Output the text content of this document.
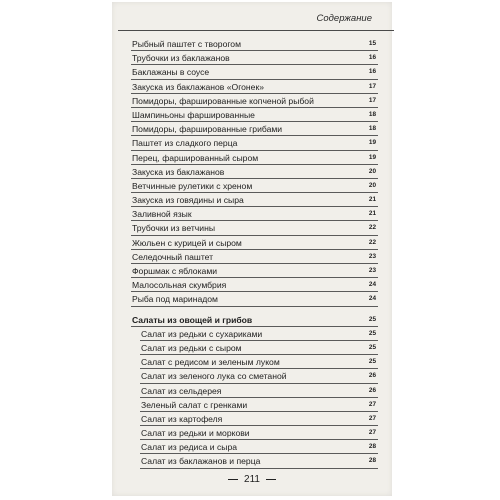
Содержание
Рыбный паштет с творогом	15
Трубочки из баклажанов	16
Баклажаны в соусе	16
Закуска из баклажанов «Огонек»	17
Помидоры, фаршированные копченой рыбой	17
Шампиньоны фаршированные	18
Помидоры, фаршированные грибами	18
Паштет из сладкого перца	19
Перец, фаршированный сыром	19
Закуска из баклажанов	20
Ветчинные рулетики с хреном	20
Закуска из говядины и сыра	21
Заливной язык	21
Трубочки из ветчины	22
Жюльен с курицей и сыром	22
Селедочный паштет	23
Форшмак с яблоками	23
Малосольная скумбрия	24
Рыба под маринадом	24
Салаты из овощей и грибов	25
Салат из редьки с сухариками	25
Салат из редьки с сыром	25
Салат с редисом и зеленым луком	25
Салат из зеленого лука со сметаной	26
Салат из сельдерея	26
Зеленый салат с гренками	27
Салат из картофеля	27
Салат из редьки и моркови	27
Салат из редиса и сыра	28
Салат из баклажанов и перца	28
211
